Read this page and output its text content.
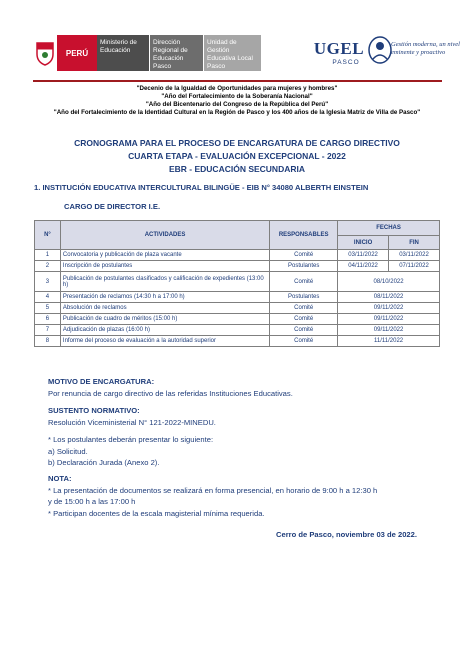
PERÚ
Ministerio de Educación
Dirección Regional de Educación Pasco
Unidad de Gestión Educativa Local Pasco
UGEL
PASCO
Gestión moderna, un nivel eminente y proactivo
"Decenio de la Igualdad de Oportunidades para mujeres y hombres"
"Año del Fortalecimiento de la Soberanía Nacional"
"Año del Bicentenario del Congreso de la República del Perú"
"Año del Fortalecimiento de la Identidad Cultural en la Región de Pasco y los 400 años de la Iglesia Matriz de Villa de Pasco"
CRONOGRAMA PARA EL PROCESO DE ENCARGATURA DE CARGO DIRECTIVO
CUARTA ETAPA - EVALUACIÓN EXCEPCIONAL - 2022
EBR - EDUCACIÓN SECUNDARIA
1. INSTITUCIÓN EDUCATIVA INTERCULTURAL BILINGÜE - EIB N° 34080 ALBERTH EINSTEIN
CARGO DE DIRECTOR I.E.
N°	ACTIVIDADES	RESPONSABLES	FECHAS	
			INICIO	FIN
1	Convocatoria y publicación de plaza vacante	Comité	03/11/2022	03/11/2022
2	Inscripción de postulantes	Postulantes	04/11/2022	07/11/2022
3	Publicación de postulantes clasificados y calificación de expedientes (13:00 h)	Comité	08/10/2022	
4	Presentación de reclamos (14:30 h a 17:00 h)	Postulantes	08/11/2022	
5	Absolución de reclamos	Comité	09/11/2022	
6	Publicación de cuadro de méritos (15:00 h)	Comité	09/11/2022	
7	Adjudicación de plazas (16:00 h)	Comité	09/11/2022	
8	Informe del proceso de evaluación a la autoridad superior	Comité	11/11/2022	
MOTIVO DE ENCARGATURA:
Por renuncia de cargo directivo de las referidas Instituciones Educativas.
SUSTENTO NORMATIVO:
Resolución Viceministerial N° 121-2022-MINEDU.
* Los postulantes deberán presentar lo siguiente:
a) Solicitud.
b) Declaración Jurada (Anexo 2).
NOTA:
* La presentación de documentos se realizará en forma presencial, en horario de 9:00 h a 12:30 h
y de 15:00 h a las 17:00 h
* Participan docentes de la escala magisterial mínima requerida.
Cerro de Pasco, noviembre 03 de 2022.
